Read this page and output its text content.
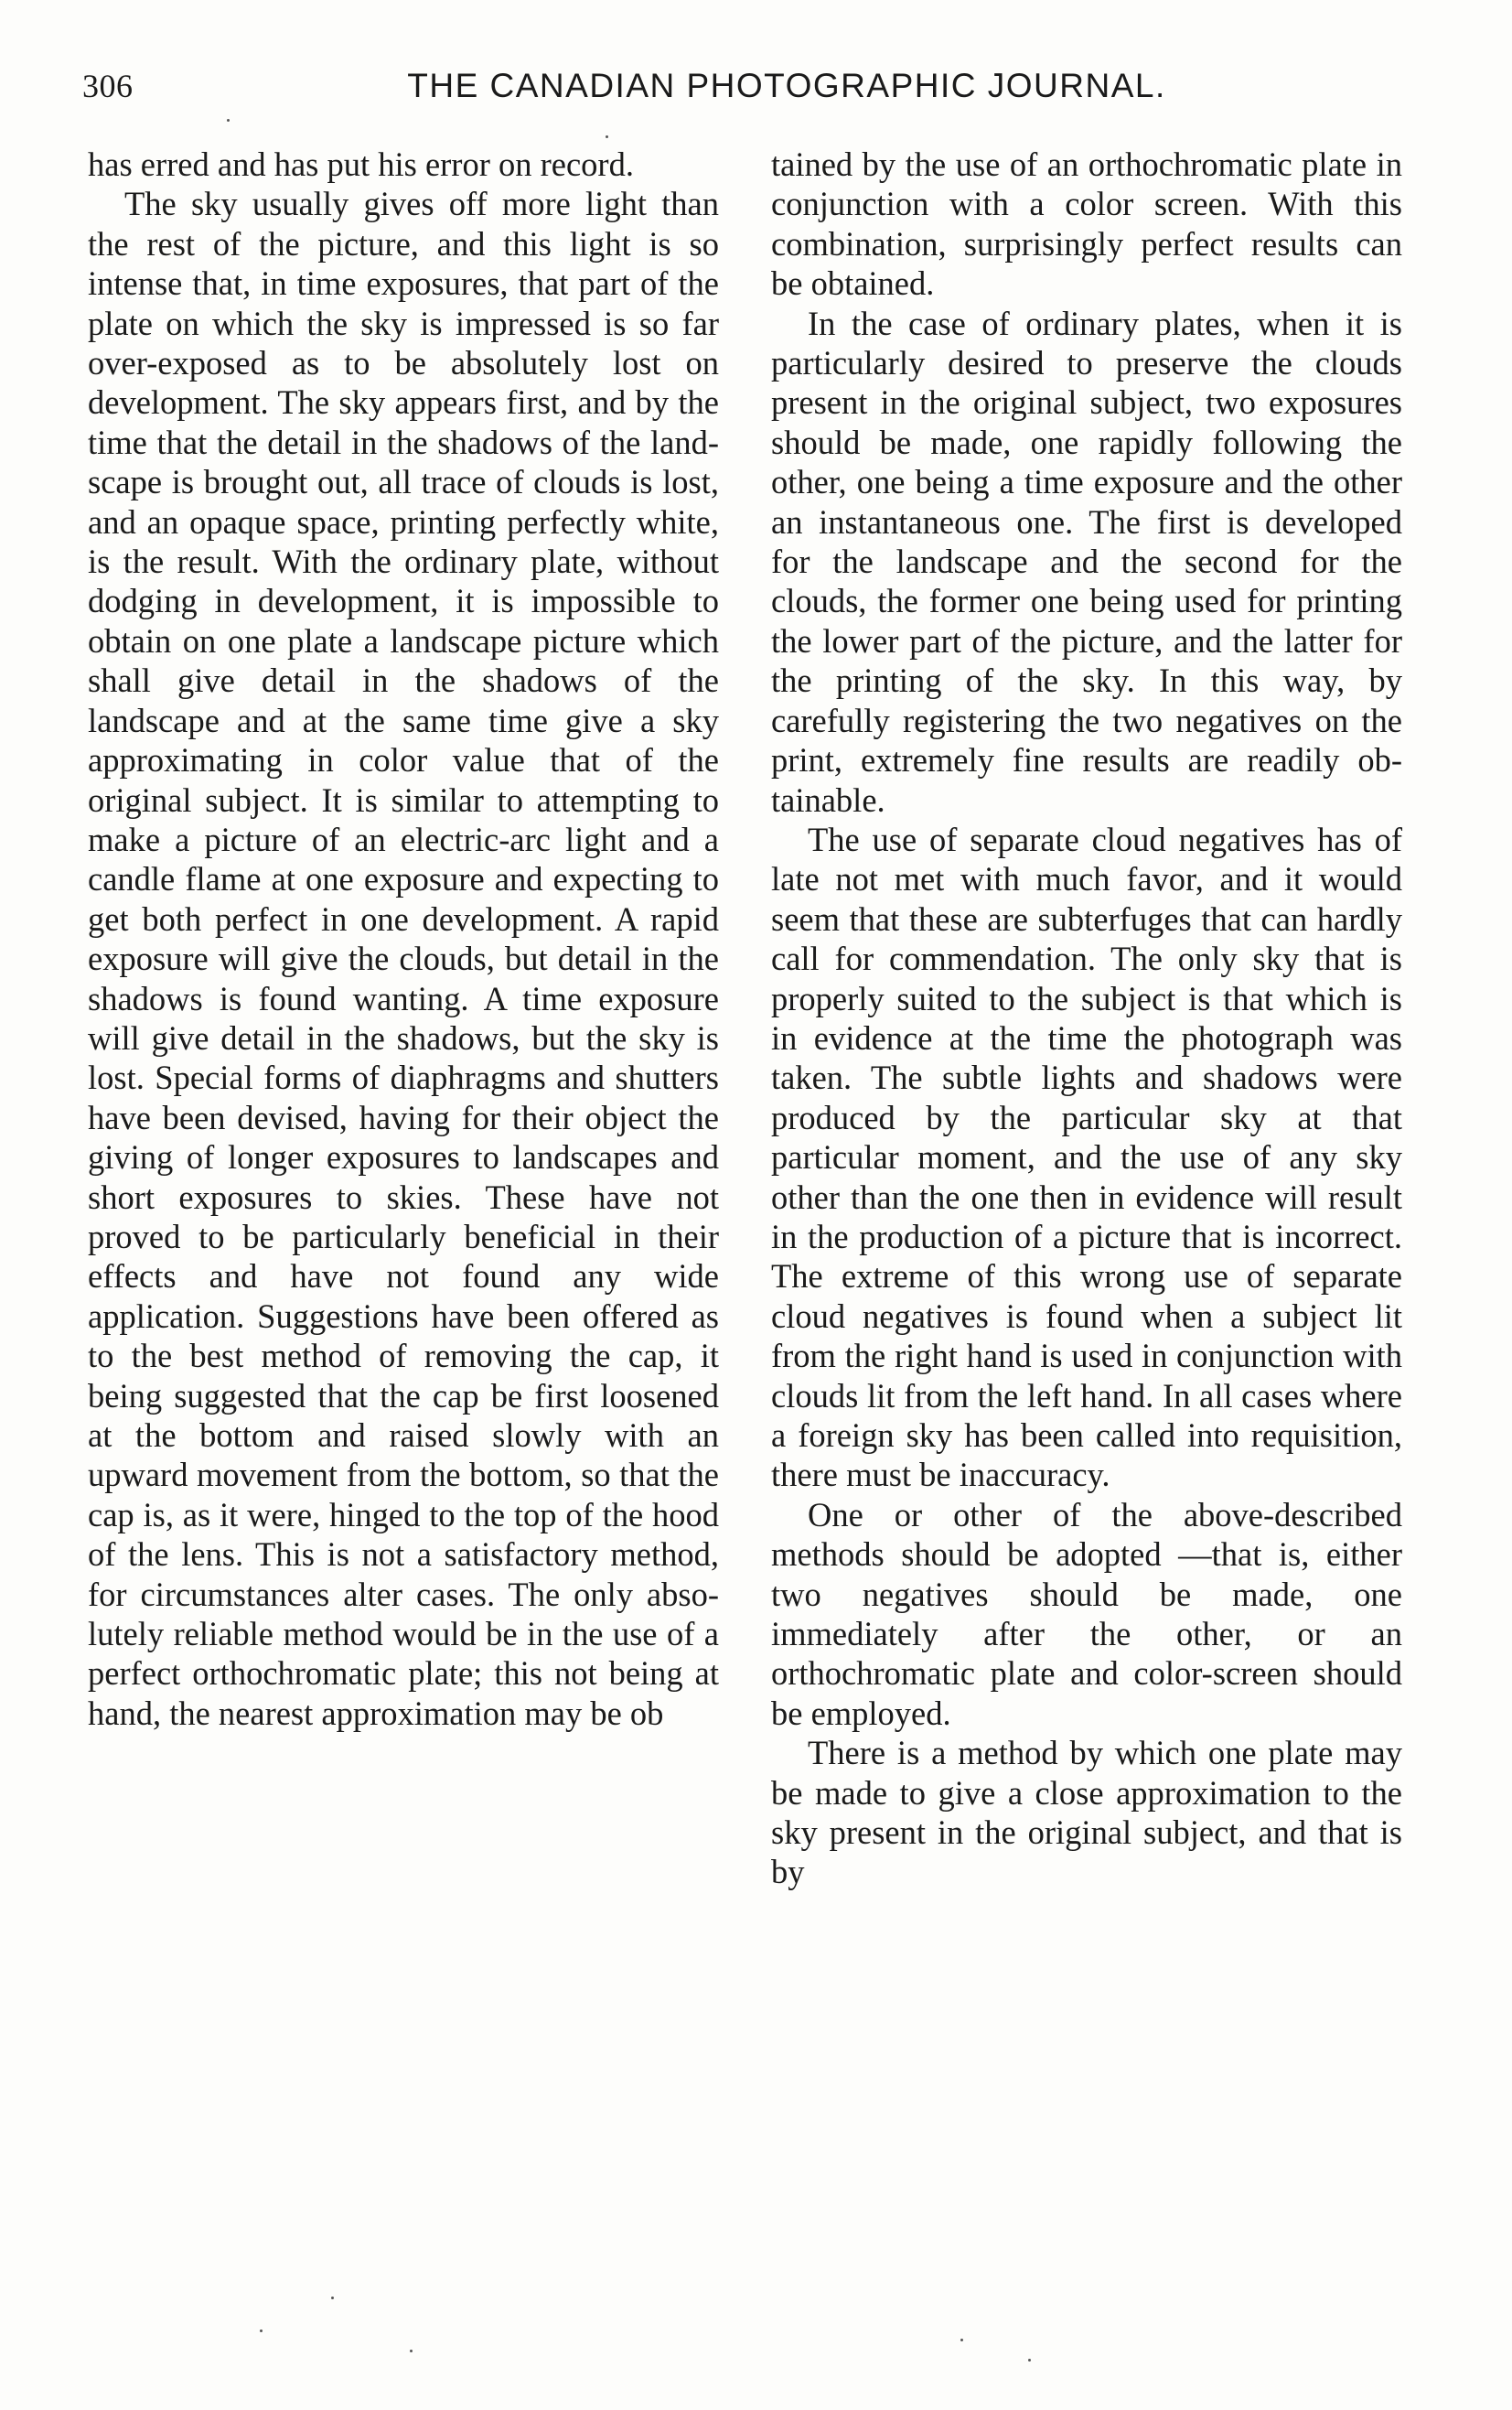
306	THE CANADIAN PHOTOGRAPHIC JOURNAL.

has erred and has put his error on record.

The sky usually gives off more light than the rest of the picture, and this light is so intense that, in time exposures, that part of the plate on which the sky is impressed is so far over-exposed as to be absolutely lost on development. The sky appears first, and by the time that the detail in the shadows of the landscape is brought out, all trace of clouds is lost, and an opaque space, printing perfectly white, is the result. With the ordinary plate, without dodging in development, it is impossible to obtain on one plate a landscape picture which shall give detail in the shadows of the landscape and at the same time give a sky approximating in color value that of the original subject. It is similar to attempting to make a picture of an electric-arc light and a candle flame at one exposure and expecting to get both perfect in one development. A rapid exposure will give the clouds, but detail in the shadows is found wanting. A time exposure will give detail in the shadows, but the sky is lost. Special forms of diaphragms and shutters have been devised, having for their object the giving of longer exposures to landscapes and short exposures to skies. These have not proved to be particularly beneficial in their effects and have not found any wide application. Suggestions have been offered as to the best method of removing the cap, it being suggested that the cap be first loosened at the bottom and raised slowly with an upward movement from the bottom, so that the cap is, as it were, hinged to the top of the hood of the lens. This is not a satisfactory method, for circumstances alter cases. The only absolutely reliable method would be in the use of a perfect orthochromatic plate; this not being at hand, the nearest approximation may be ob

tained by the use of an orthochromatic plate in conjunction with a color screen. With this combination, surprisingly perfect results can be obtained.

In the case of ordinary plates, when it is particularly desired to preserve the clouds present in the original subject, two exposures should be made, one rapidly following the other, one being a time exposure and the other an instantaneous one. The first is developed for the landscape and the second for the clouds, the former one being used for printing the lower part of the picture, and the latter for the printing of the sky. In this way, by carefully registering the two negatives on the print, extremely fine results are readily obtainable.

The use of separate cloud negatives has of late not met with much favor, and it would seem that these are subterfuges that can hardly call for commendation. The only sky that is properly suited to the subject is that which is in evidence at the time the photograph was taken. The subtle lights and shadows were produced by the particular sky at that particular moment, and the use of any sky other than the one then in evidence will result in the production of a picture that is incorrect. The extreme of this wrong use of separate cloud negatives is found when a subject lit from the right hand is used in conjunction with clouds lit from the left hand. In all cases where a foreign sky has been called into requisition, there must be inaccuracy.

One or other of the above-described methods should be adopted —that is, either two negatives should be made, one immediately after the other, or an orthochromatic plate and color-screen should be employed.

There is a method by which one plate may be made to give a close approximation to the sky present in the original subject, and that is by
